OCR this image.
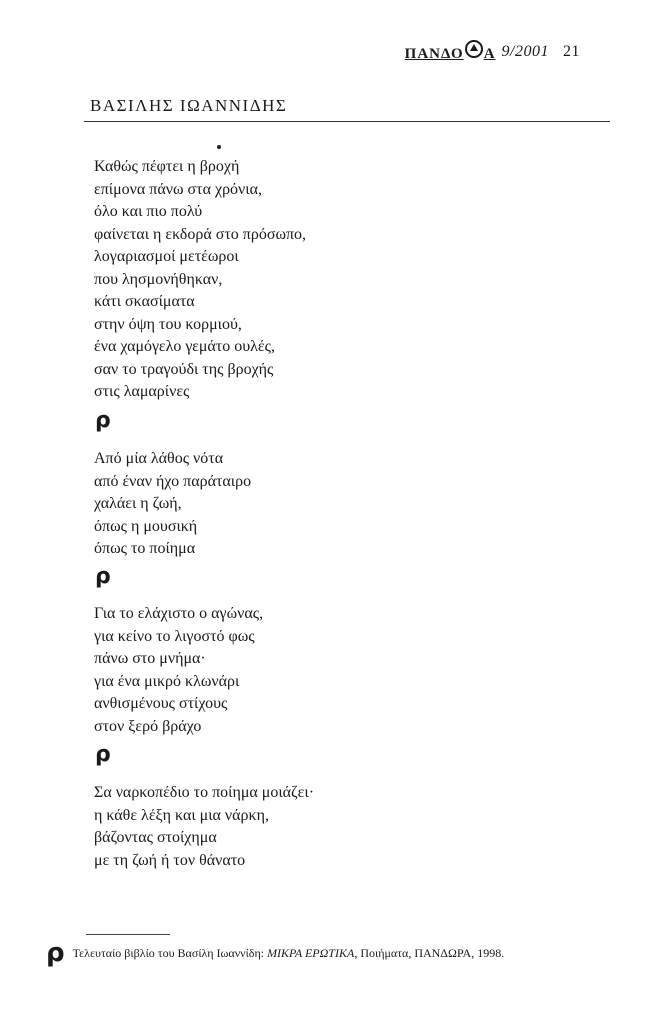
ΠΑΝΔΟ Α 9/2001 21
ΒΑΣΙΛΗΣ ΙΩΑΝΝΙΔΗΣ
Καθώς πέφτει η βροχή
επίμονα πάνω στα χρόνια,
όλο και πιο πολύ
φαίνεται η εκδορά στο πρόσωπο,
λογαριασμοί μετέωροι
που λησμονήθηκαν,
κάτι σκασίματα
στην όψη του κορμιού,
ένα χαμόγελο γεμάτο ουλές,
σαν το τραγούδι της βροχής
στις λαμαρίνες
ρ
Από μία λάθος νότα
από έναν ήχο παράταιρο
χαλάει η ζωή,
όπως η μουσική
όπως το ποίημα
ρ
Για το ελάχιστο ο αγώνας,
για κείνο το λιγοστό φως
πάνω στο μνήμα·
για ένα μικρό κλωνάρι
ανθισμένους στίχους
στον ξερό βράχο
ρ
Σα ναρκοπέδιο το ποίημα μοιάζει·
η κάθε λέξη και μια νάρκη,
βάζοντας στοίχημα
με τη ζωή ή τον θάνατο
ρ Τελευταίο βιβλίο του Βασίλη Ιωαννίδη:
ΜΙΚΡΑ ΕΡΩΤΙΚΑ , Ποιήματα, ΠΑΝΔΩΡΑ, 1998.
